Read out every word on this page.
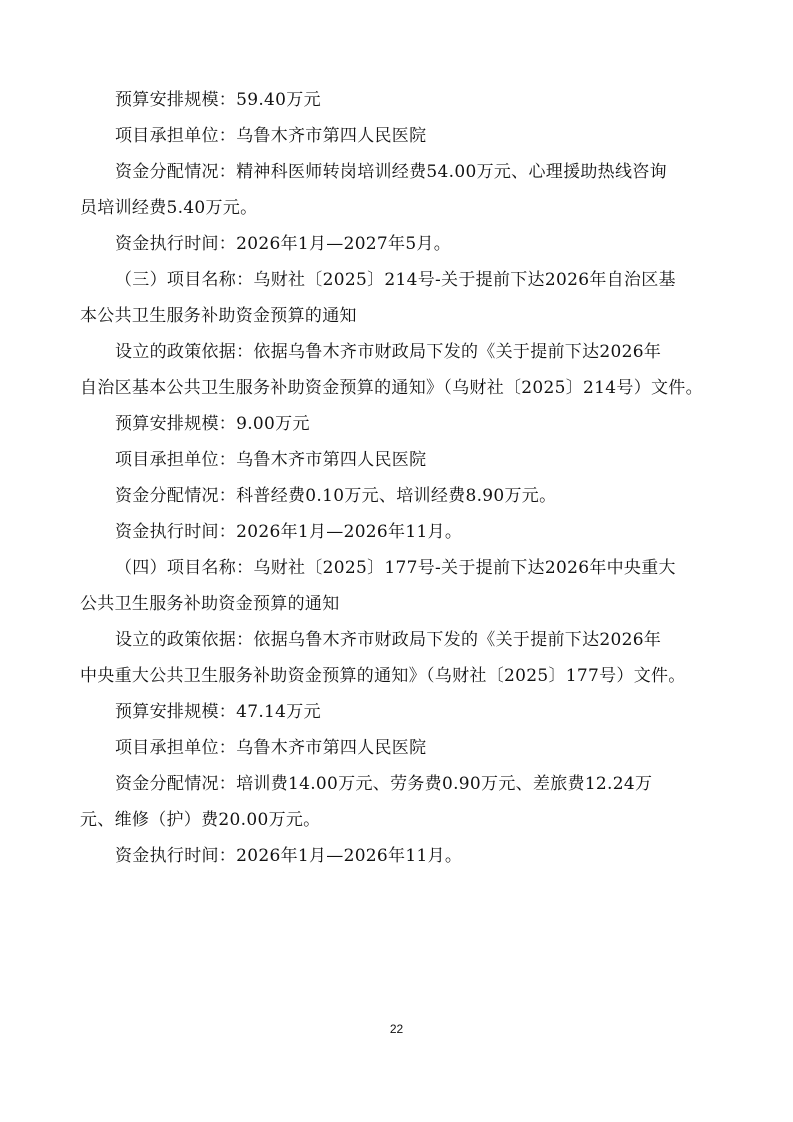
预算安排规模：59.40万元
项目承担单位：乌鲁木齐市第四人民医院
资金分配情况：精神科医师转岗培训经费54.00万元、心理援助热线咨询
员培训经费5.40万元。
资金执行时间：2026年1月—2027年5月。
（三）项目名称：乌财社〔2025〕214号-关于提前下达2026年自治区基
本公共卫生服务补助资金预算的通知
设立的政策依据：依据乌鲁木齐市财政局下发的《关于提前下达2026年
自治区基本公共卫生服务补助资金预算的通知》（乌财社〔2025〕214号）文件。
预算安排规模：9.00万元
项目承担单位：乌鲁木齐市第四人民医院
资金分配情况：科普经费0.10万元、培训经费8.90万元。
资金执行时间：2026年1月—2026年11月。
（四）项目名称：乌财社〔2025〕177号-关于提前下达2026年中央重大
公共卫生服务补助资金预算的通知
设立的政策依据：依据乌鲁木齐市财政局下发的《关于提前下达2026年
中央重大公共卫生服务补助资金预算的通知》（乌财社〔2025〕177号）文件。
预算安排规模：47.14万元
项目承担单位：乌鲁木齐市第四人民医院
资金分配情况：培训费14.00万元、劳务费0.90万元、差旅费12.24万
元、维修（护）费20.00万元。
资金执行时间：2026年1月—2026年11月。
22
